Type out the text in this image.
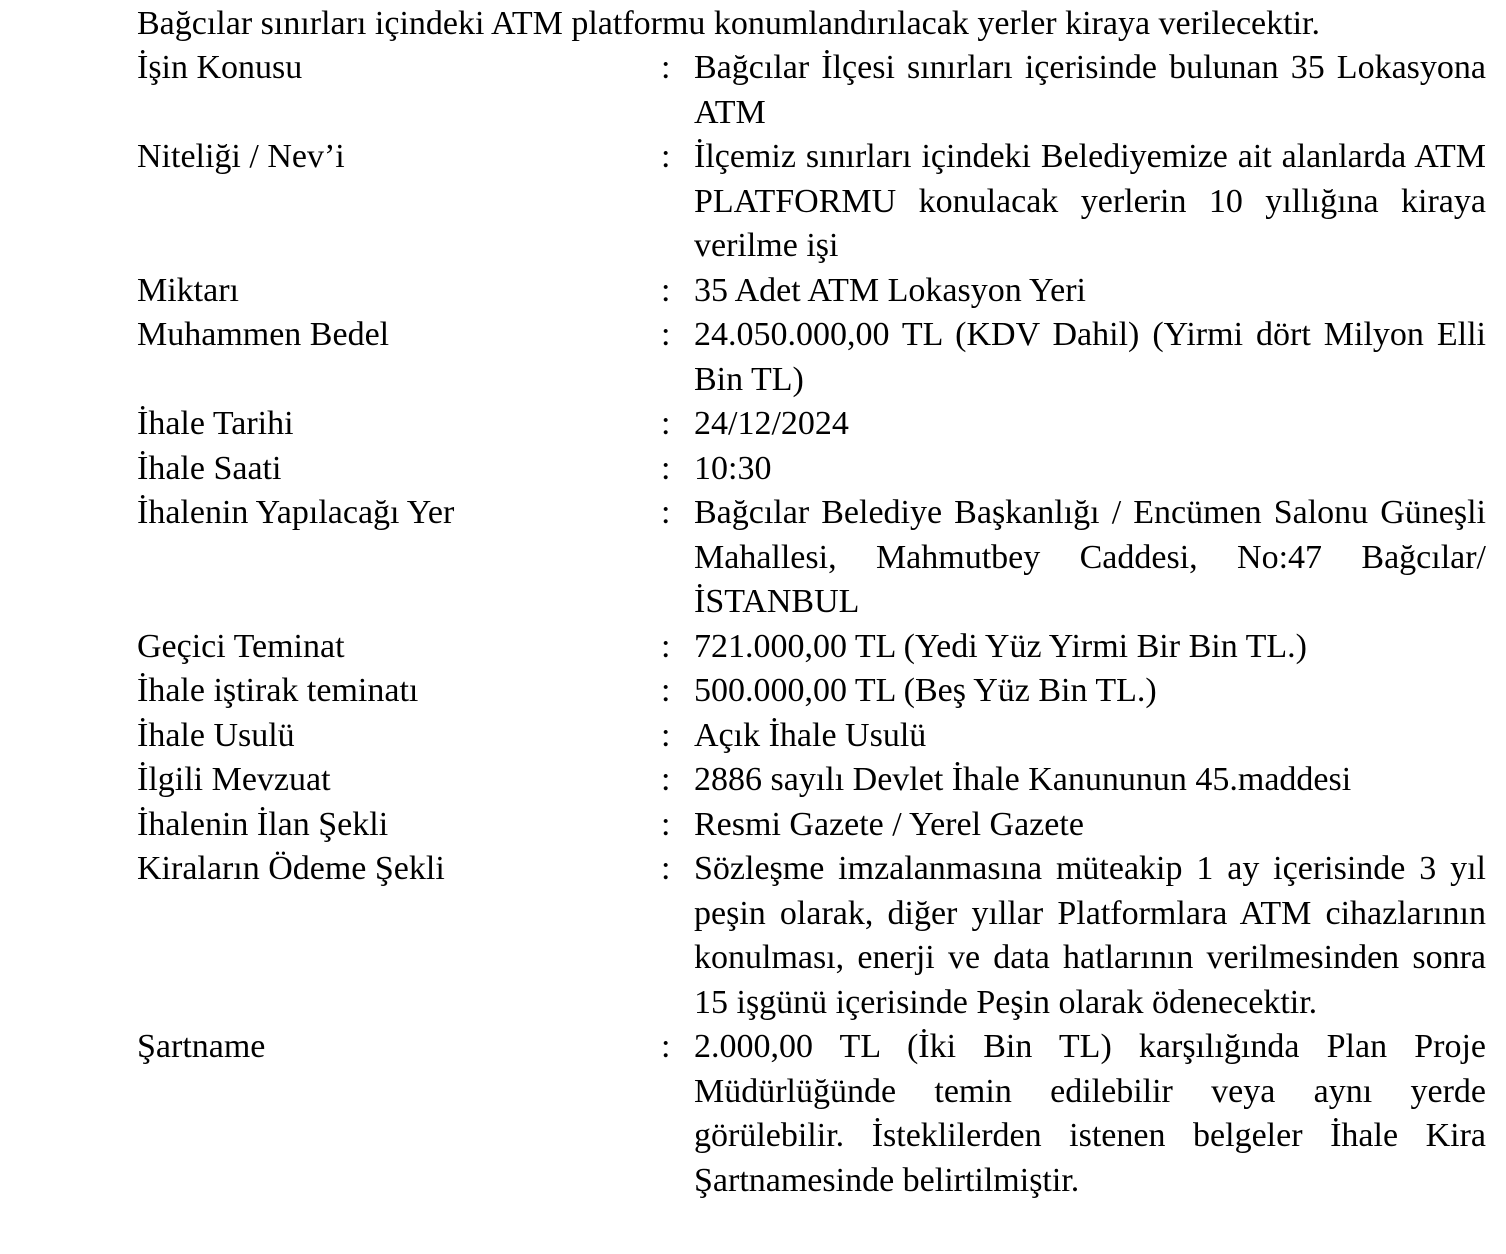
Bağcılar sınırları içindeki ATM platformu konumlandırılacak yerler kiraya verilecektir.
İşin Konusu	: Bağcılar İlçesi sınırları içerisinde bulunan 35 Lokasyona ATM
Niteliği / Nev’i	: İlçemiz sınırları içindeki Belediyemize ait alanlarda ATM PLATFORMU konulacak yerlerin 10 yıllığına kiraya verilme işi
Miktarı	: 35 Adet ATM Lokasyon Yeri
Muhammen Bedel	: 24.050.000,00 TL (KDV Dahil) (Yirmi dört Milyon Elli Bin TL)
İhale Tarihi	: 24/12/2024
İhale Saati	: 10:30
İhalenin Yapılacağı Yer	: Bağcılar Belediye Başkanlığı / Encümen Salonu Güneşli Mahallesi, Mahmutbey Caddesi, No:47 Bağcılar/İSTANBUL
Geçici Teminat	: 721.000,00 TL (Yedi Yüz Yirmi Bir Bin TL.)
İhale iştirak teminatı	: 500.000,00 TL (Beş Yüz Bin TL.)
İhale Usulü	: Açık İhale Usulü
İlgili Mevzuat	: 2886 sayılı Devlet İhale Kanununun 45.maddesi
İhalenin İlan Şekli	: Resmi Gazete / Yerel Gazete
Kiraların Ödeme Şekli	: Sözleşme imzalanmasına müteakip 1 ay içerisinde 3 yıl peşin olarak, diğer yıllar Platformlara ATM cihazlarının konulması, enerji ve data hatlarının verilmesinden sonra 15 işgünü içerisinde Peşin olarak ödenecektir.
Şartname	: 2.000,00 TL (İki Bin TL) karşılığında Plan Proje Müdürlüğünde temin edilebilir veya aynı yerde görülebilir. İsteklilerden istenen belgeler İhale Kira Şartnamesinde belirtilmiştir.
